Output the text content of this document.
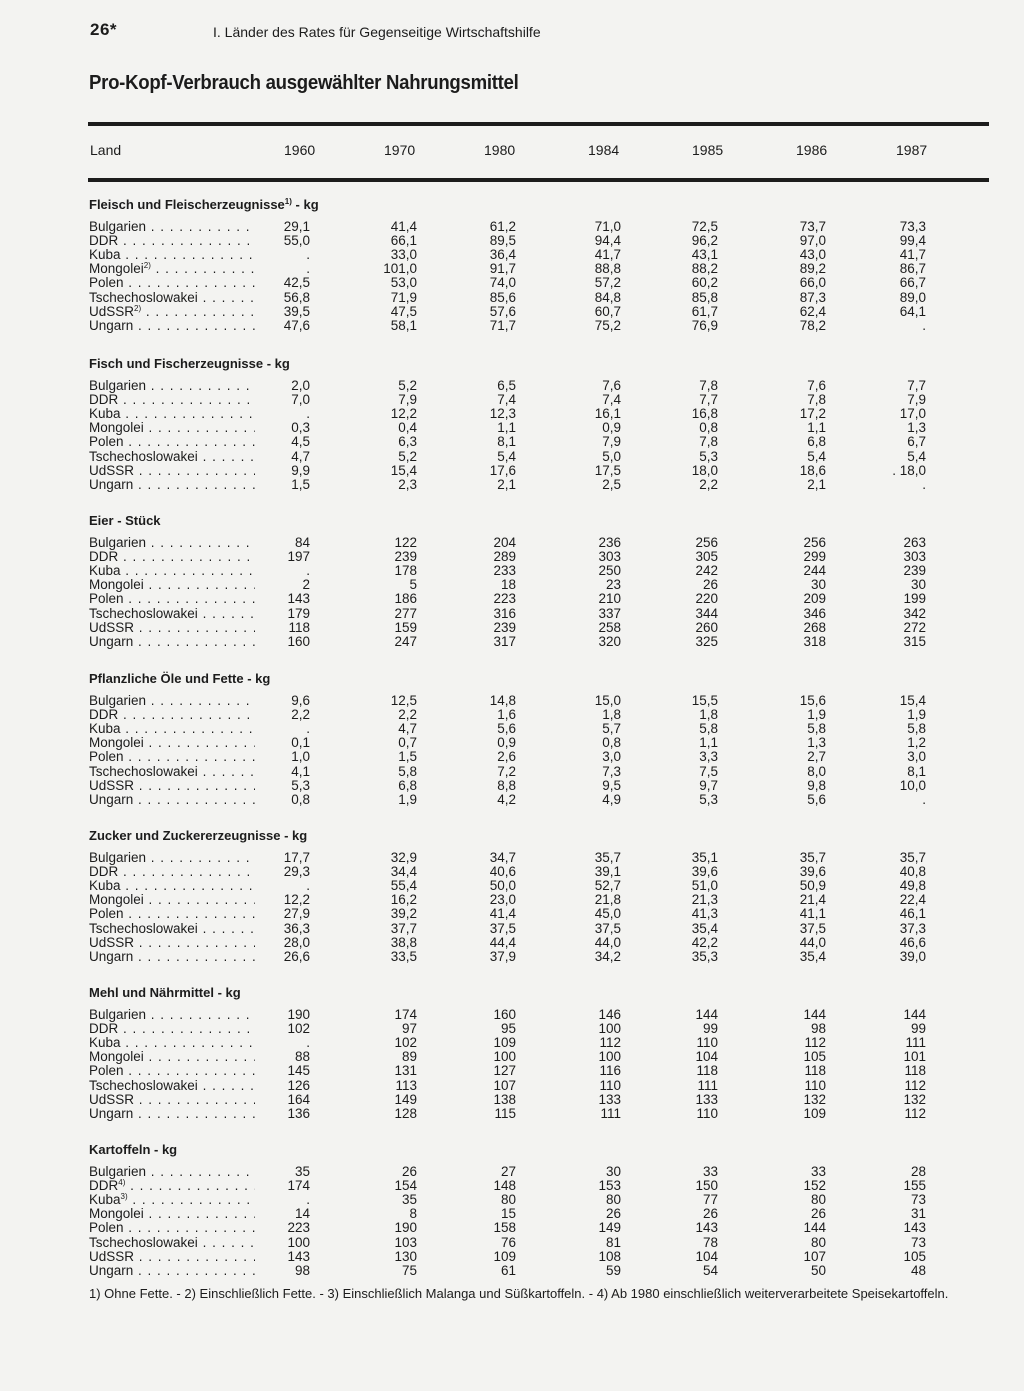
26*	I. Länder des Rates für Gegenseitige Wirtschaftshilfe
Pro-Kopf-Verbrauch ausgewählter Nahrungsmittel
Land	1960	1970	1980	1984	1985	1986	1987
Fleisch und Fleischerzeugnisse$^{1)}$ - kg
Bulgarien . . .	29,1	41,4	61,2	71,0	72,5	73,7	73,3
DDR . . .	55,0	66,1	89,5	94,4	96,2	97,0	99,4
Kuba . . .	.	33,0	36,4	41,7	43,1	43,0	41,7
Mongolei$^{2)}$ . . .	.	101,0	91,7	88,8	88,2	89,2	86,7
Polen . . .	42,5	53,0	74,0	57,2	60,2	66,0	66,7
Tschechoslowakei . . .	56,8	71,9	85,6	84,8	85,8	87,3	89,0
UdSSR$^{2)}$ . . .	39,5	47,5	57,6	60,7	61,7	62,4	64,1
Ungarn . . .	47,6	58,1	71,7	75,2	76,9	78,2	.
Fisch und Fischerzeugnisse - kg
Bulgarien . . .	2,0	5,2	6,5	7,6	7,8	7,6	7,7
DDR . . .	7,0	7,9	7,4	7,4	7,7	7,8	7,9
Kuba . . .	.	12,2	12,3	16,1	16,8	17,2	17,0
Mongolei . . .	0,3	0,4	1,1	0,9	0,8	1,1	1,3
Polen . . .	4,5	6,3	8,1	7,9	7,8	6,8	6,7
Tschechoslowakei . . .	4,7	5,2	5,4	5,0	5,3	5,4	5,4
UdSSR . . .	9,9	15,4	17,6	17,5	18,0	18,6	. 18,0
Ungarn . . .	1,5	2,3	2,1	2,5	2,2	2,1	.
Eier - Stück
Bulgarien . . .	84	122	204	236	256	256	263
DDR . . .	197	239	289	303	305	299	303
Kuba . . .	.	178	233	250	242	244	239
Mongolei . . .	2	5	18	23	26	30	30
Polen . . .	143	186	223	210	220	209	199
Tschechoslowakei . . .	179	277	316	337	344	346	342
UdSSR . . .	118	159	239	258	260	268	272
Ungarn . . .	160	247	317	320	325	318	315
Pflanzliche Öle und Fette - kg
Bulgarien . . .	9,6	12,5	14,8	15,0	15,5	15,6	15,4
DDR . . .	2,2	2,2	1,6	1,8	1,8	1,9	1,9
Kuba . . .	.	4,7	5,6	5,7	5,8	5,8	5,8
Mongolei . . .	0,1	0,7	0,9	0,8	1,1	1,3	1,2
Polen . . .	1,0	1,5	2,6	3,0	3,3	2,7	3,0
Tschechoslowakei . . .	4,1	5,8	7,2	7,3	7,5	8,0	8,1
UdSSR . . .	5,3	6,8	8,8	9,5	9,7	9,8	10,0
Ungarn . . .	0,8	1,9	4,2	4,9	5,3	5,6	.
Zucker und Zuckererzeugnisse - kg
Bulgarien . . .	17,7	32,9	34,7	35,7	35,1	35,7	35,7
DDR . . .	29,3	34,4	40,6	39,1	39,6	39,6	40,8
Kuba . . .	.	55,4	50,0	52,7	51,0	50,9	49,8
Mongolei . . .	12,2	16,2	23,0	21,8	21,3	21,4	22,4
Polen . . .	27,9	39,2	41,4	45,0	41,3	41,1	46,1
Tschechoslowakei . . .	36,3	37,7	37,5	37,5	35,4	37,5	37,3
UdSSR . . .	28,0	38,8	44,4	44,0	42,2	44,0	46,6
Ungarn . . .	26,6	33,5	37,9	34,2	35,3	35,4	39,0
Mehl und Nährmittel - kg
Bulgarien . . .	190	174	160	146	144	144	144
DDR . . .	102	97	95	100	99	98	99
Kuba . . .	.	102	109	112	110	112	111
Mongolei . . .	88	89	100	100	104	105	101
Polen . . .	145	131	127	116	118	118	118
Tschechoslowakei . . .	126	113	107	110	111	110	112
UdSSR . . .	164	149	138	133	133	132	132
Ungarn . . .	136	128	115	111	110	109	112
Kartoffeln - kg
Bulgarien . . .	35	26	27	30	33	33	28
DDR$^{4)}$ . . .	174	154	148	153	150	152	155
Kuba$^{3)}$ . . .	.	35	80	80	77	80	73
Mongolei . . .	14	8	15	26	26	26	31
Polen . . .	223	190	158	149	143	144	143
Tschechoslowakei . . .	100	103	76	81	78	80	73
UdSSR . . .	143	130	109	108	104	107	105
Ungarn . . .	98	75	61	59	54	50	48
1) Ohne Fette. - 2) Einschließlich Fette. - 3) Einschließlich Malanga und Süßkartoffeln. - 4) Ab 1980 einschließlich weiterverarbeitete Speisekartoffeln.
